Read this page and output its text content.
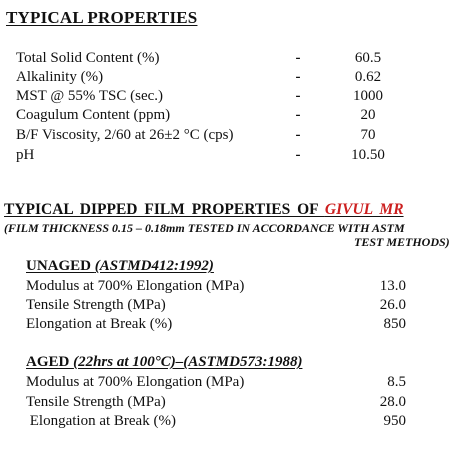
TYPICAL PROPERTIES
Total Solid Content (%)	-	60.5
Alkalinity (%)	-	0.62
MST @ 55% TSC (sec.)	-	1000
Coagulum Content (ppm)	-	20
B/F Viscosity, 2/60 at 26±2 °C (cps)	-	70
pH	-	10.50
TYPICAL DIPPED FILM PROPERTIES OF GIVUL MR
(FILM THICKNESS 0.15 – 0.18mm TESTED IN ACCORDANCE WITH ASTM
TEST METHODS)
UNAGED (ASTMD412:1992)
Modulus at 700% Elongation (MPa)	13.0
Tensile Strength (MPa)	26.0
Elongation at Break (%)	850
AGED (22hrs at 100°C)–(ASTMD573:1988)
Modulus at 700% Elongation (MPa)	8.5
Tensile Strength (MPa)	28.0
Elongation at Break (%)	950
